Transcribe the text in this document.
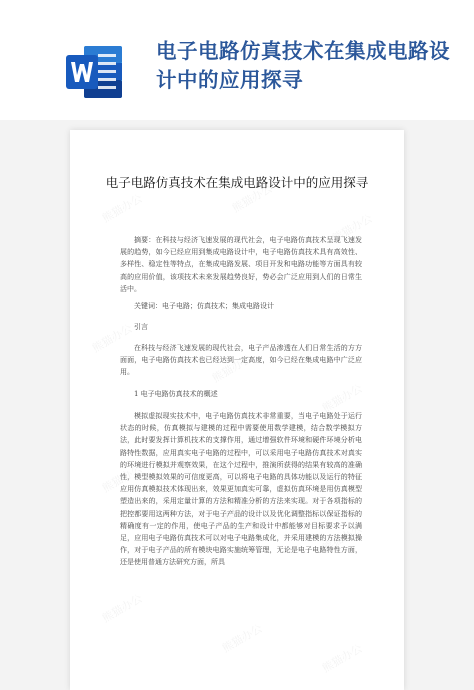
电子电路仿真技术在集成电路设计中的应用探寻
熊猫办公	熊猫办公
熊猫办公
熊猫办公
熊猫办公
熊猫办公
熊猫办公
熊猫办公
熊猫办公
熊猫办公
熊猫办公
熊猫办公
电子电路仿真技术在集成电路设计中的应用探寻

摘要：在科技与经济飞速发展的现代社会，电子电路仿真技术呈现飞速发展的趋势，如今已经应用到集成电路设计中，电子电路仿真技术具有高效性、多样性、稳定性等特点，在集成电路发展、项目开发和电路功能等方面具有较高的应用价值，该项技术未来发展趋势良好，势必会广泛应用到人们的日常生活中。

关键词：电子电路；仿真技术；集成电路设计

引言

在科技与经济飞速发展的现代社会，电子产品渗透在人们日常生活的方方面面，电子电路仿真技术也已经达到一定高度，如今已经在集成电路中广泛应用。

1 电子电路仿真技术的概述

模拟虚拟现实技术中，电子电路仿真技术非常重要，当电子电路处于运行状态的时候，仿真模拟与建模的过程中需要使用数学建模，结合数学模拟方法，此时要发挥计算机技术的支撑作用，通过增强软件环境和硬件环境分析电路特性数据，应用真实电子电路的过程中，可以采用电子电路仿真技术对真实的环境进行模拟并观察效果，在这个过程中，推演所获得的结果有较高的准确性，模型模拟效果的可信度更高，可以将电子电路的具体功能以及运行的特征应用仿真模拟技术体现出来，效果更加真实可靠，虚拟仿真环境是用仿真模型塑造出来的，采用定量计算的方法和精准分析的方法来实现。对于各项指标的把控都要用这两种方法，对于电子产品的设计以及优化调整指标以保证指标的精确度有一定的作用，使电子产品的生产和设计中都能够对目标要求予以满足，应用电子电路仿真技术可以对电子电路集成化，并采用建模的方法模拟操作，对于电子产品的所有模块电路实施统筹管理，无论是电子电路特性方面，还是使用普通方法研究方面，所具
